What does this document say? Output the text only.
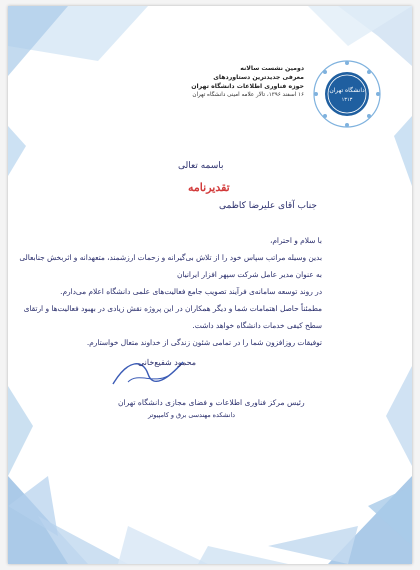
دومین نشست سالانه
معرفی جدیدترین دستاوردهای
حوزه فناوری اطلاعات دانشگاه تهران
۱۶ اسفند ۱۳۹۶، تالار علامه امینی دانشگاه تهران
دانشگاه تهران
۱۳۱۳
باسمه تعالی
تقدیرنامه
جناب آقای علیرضا کاظمی

با سلام و احترام،

بدین وسیله مراتب سپاس خود را از تلاش بی‌گیرانه و زحمات ارزشمند، متعهدانه و اثربخش جنابعالی به عنوان مدیر عامل شرکت سپهر افزار ایرانیان

در روند توسعه سامانه‌ی فرآیند تصویب جامع فعالیت‌های علمی دانشگاه اعلام می‌دارم.

مطمئناً حاصل اهتمامات شما و دیگر همکاران در این پروژه نقش زیادی در بهبود فعالیت‌ها و ارتقای سطح کیفی خدمات دانشگاه خواهد داشت.

توفیقات روزافزون شما را در تمامی شئون زندگی از خداوند متعال خواستارم.

محمود شفیع‌خانی
رئیس مرکز فناوری اطلاعات و فضای مجازی دانشگاه تهران
دانشکده مهندسی برق و کامپیوتر
